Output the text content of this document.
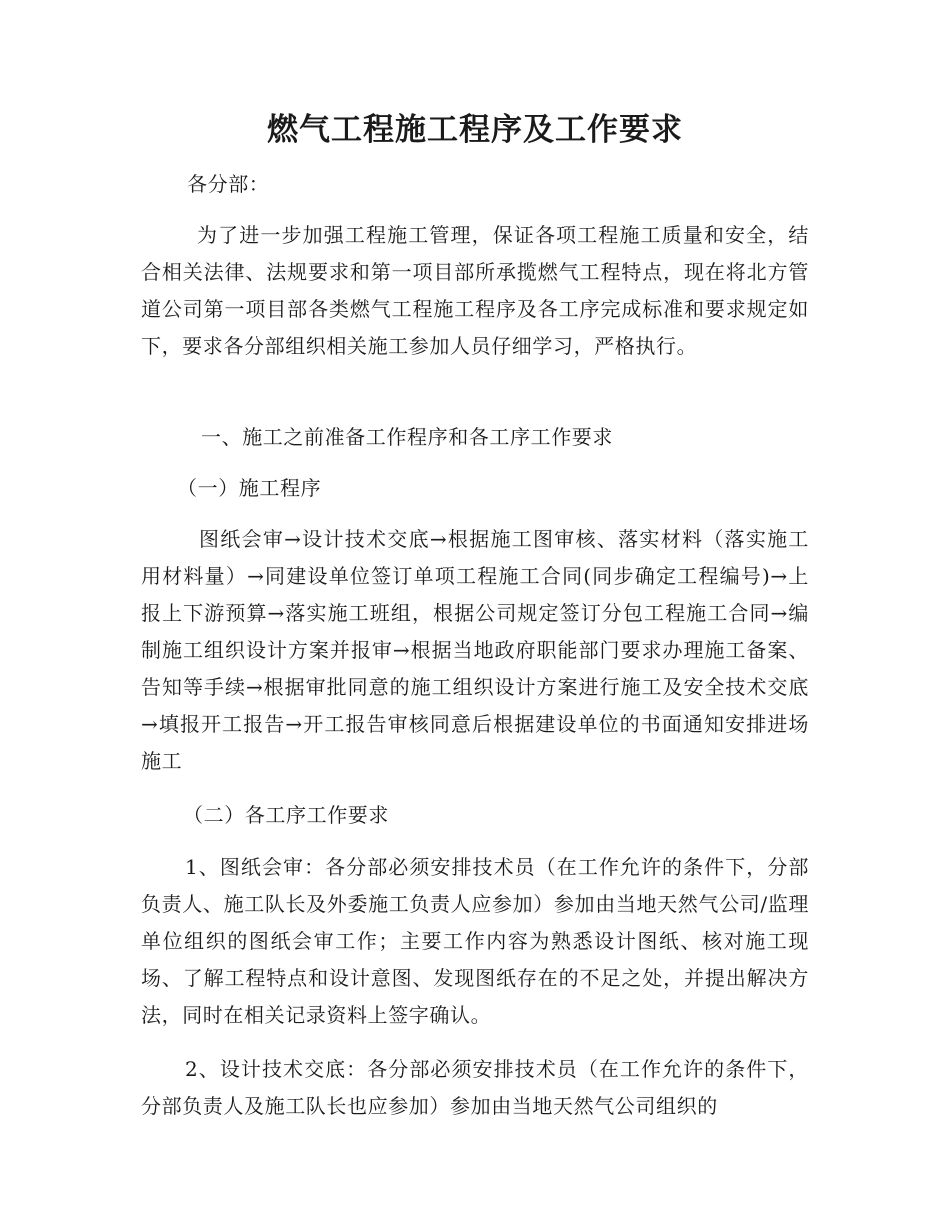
燃气工程施工程序及工作要求
各分部：
为了进一步加强工程施工管理，保证各项工程施工质量和安全，结合相关法律、法规要求和第一项目部所承揽燃气工程特点，现在将北方管道公司第一项目部各类燃气工程施工程序及各工序完成标准和要求规定如下，要求各分部组织相关施工参加人员仔细学习，严格执行。
一、施工之前准备工作程序和各工序工作要求
（一）施工程序
图纸会审→设计技术交底→根据施工图审核、落实材料（落实施工用材料量）→同建设单位签订单项工程施工合同(同步确定工程编号)→上报上下游预算→落实施工班组，根据公司规定签订分包工程施工合同→编制施工组织设计方案并报审→根据当地政府职能部门要求办理施工备案、告知等手续→根据审批同意的施工组织设计方案进行施工及安全技术交底→填报开工报告→开工报告审核同意后根据建设单位的书面通知安排进场施工
（二）各工序工作要求
1、图纸会审：各分部必须安排技术员（在工作允许的条件下，分部负责人、施工队长及外委施工负责人应参加）参加由当地天然气公司/监理单位组织的图纸会审工作；主要工作内容为熟悉设计图纸、核对施工现场、了解工程特点和设计意图、发现图纸存在的不足之处，并提出解决方法，同时在相关记录资料上签字确认。
2、设计技术交底：各分部必须安排技术员（在工作允许的条件下，分部负责人及施工队长也应参加）参加由当地天然气公司组织的
